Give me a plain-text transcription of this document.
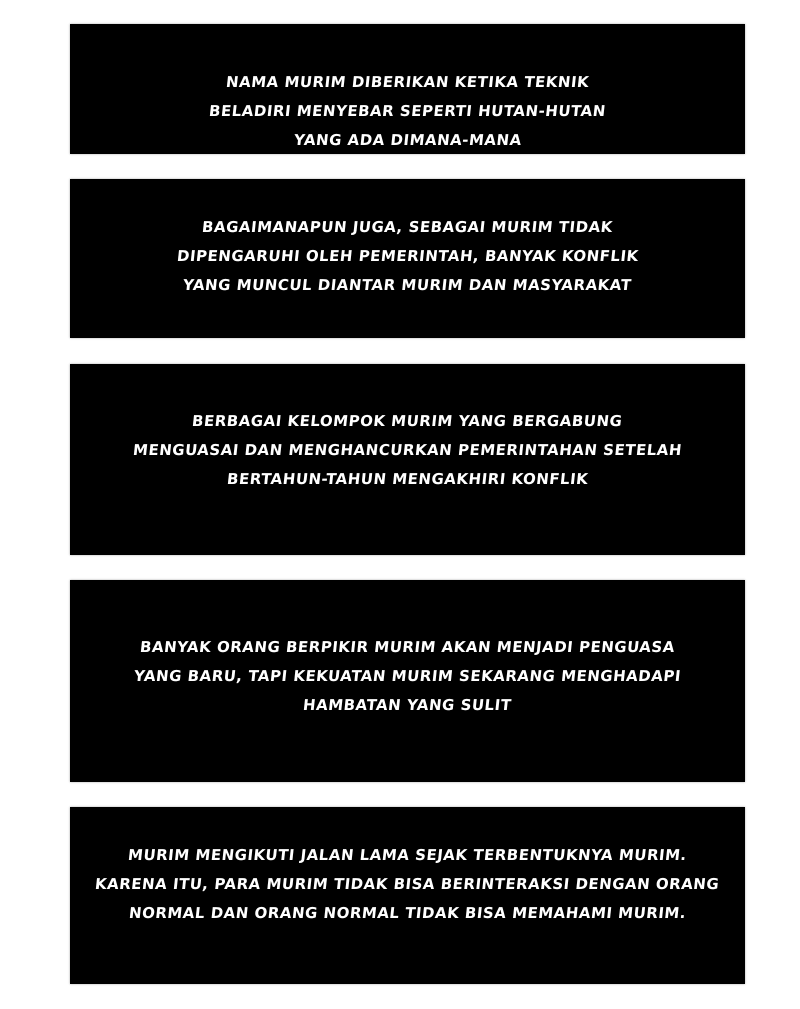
NAMA MURIM DIBERIKAN KETIKA TEKNIK
BELADIRI MENYEBAR SEPERTI HUTAN-HUTAN
YANG ADA DIMANA-MANA
BAGAIMANAPUN JUGA, SEBAGAI MURIM TIDAK
DIPENGARUHI OLEH PEMERINTAH, BANYAK KONFLIK
YANG MUNCUL DIANTAR MURIM DAN MASYARAKAT
BERBAGAI KELOMPOK MURIM YANG BERGABUNG
MENGUASAI DAN MENGHANCURKAN PEMERINTAHAN SETELAH
BERTAHUN-TAHUN MENGAKHIRI KONFLIK
BANYAK ORANG BERPIKIR MURIM AKAN MENJADI PENGUASA
YANG BARU, TAPI KEKUATAN MURIM SEKARANG MENGHADAPI
HAMBATAN YANG SULIT
MURIM MENGIKUTI JALAN LAMA SEJAK TERBENTUKNYA MURIM.
KARENA ITU, PARA MURIM TIDAK BISA BERINTERAKSI DENGAN ORANG
NORMAL DAN ORANG NORMAL TIDAK BISA MEMAHAMI MURIM.
